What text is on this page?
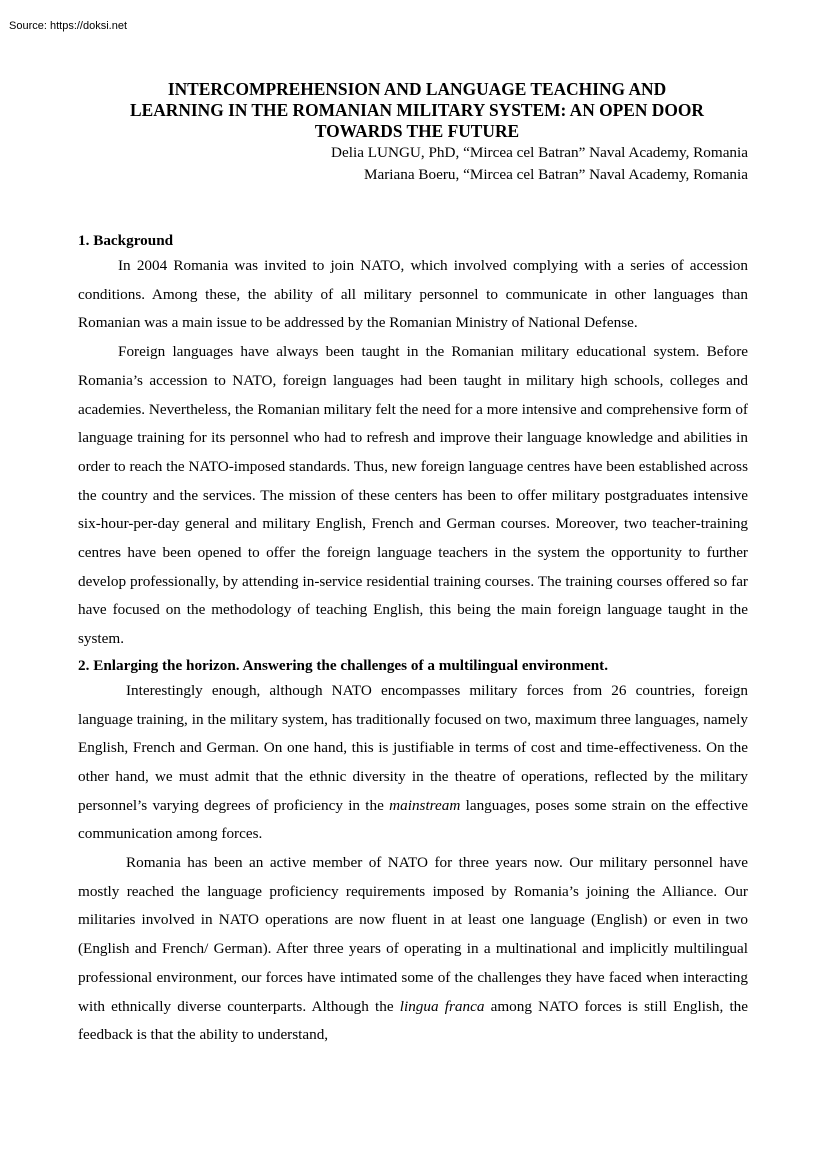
Source: https://doksi.net
INTERCOMPREHENSION AND LANGUAGE TEACHING AND
LEARNING IN THE ROMANIAN MILITARY SYSTEM: AN OPEN DOOR
TOWARDS THE FUTURE
Delia LUNGU, PhD, “Mircea cel Batran” Naval Academy, Romania
Mariana Boeru, “Mircea cel Batran” Naval Academy, Romania
1. Background

In 2004 Romania was invited to join NATO, which involved complying with a series of accession conditions. Among these, the ability of all military personnel to communicate in other languages than Romanian was a main issue to be addressed by the Romanian Ministry of National Defense.

Foreign languages have always been taught in the Romanian military educational system. Before Romania’s accession to NATO, foreign languages had been taught in military high schools, colleges and academies. Nevertheless, the Romanian military felt the need for a more intensive and comprehensive form of language training for its personnel who had to refresh and improve their language knowledge and abilities in order to reach the NATO-imposed standards. Thus, new foreign language centres have been established across the country and the services. The mission of these centers has been to offer military postgraduates intensive six-hour-per-day general and military English, French and German courses. Moreover, two teacher-training centres have been opened to offer the foreign language teachers in the system the opportunity to further develop professionally, by attending in-service residential training courses. The training courses offered so far have focused on the methodology of teaching English, this being the main foreign language taught in the system.

2. Enlarging the horizon. Answering the challenges of a multilingual environment.

Interestingly enough, although NATO encompasses military forces from 26 countries, foreign language training, in the military system, has traditionally focused on two, maximum three languages, namely English, French and German. On one hand, this is justifiable in terms of cost and time-effectiveness. On the other hand, we must admit that the ethnic diversity in the theatre of operations, reflected by the military personnel’s varying degrees of proficiency in the mainstream languages, poses some strain on the effective communication among forces.

Romania has been an active member of NATO for three years now. Our military personnel have mostly reached the language proficiency requirements imposed by Romania’s joining the Alliance. Our militaries involved in NATO operations are now fluent in at least one language (English) or even in two (English and French/ German). After three years of operating in a multinational and implicitly multilingual professional environment, our forces have intimated some of the challenges they have faced when interacting with ethnically diverse counterparts. Although the lingua franca among NATO forces is still English, the feedback is that the ability to understand,
